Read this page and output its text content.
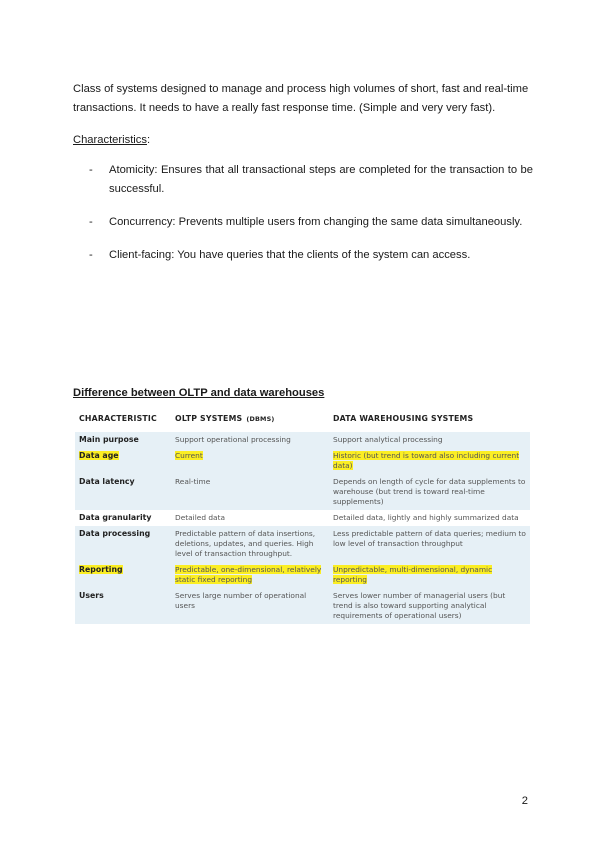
Class of systems designed to manage and process high volumes of short, fast and real-time transactions. It needs to have a really fast response time. (Simple and very very fast).

Characteristics:

- Atomicity: Ensures that all transactional steps are completed for the transaction to be successful.
- Concurrency: Prevents multiple users from changing the same data simultaneously.
- Client-facing: You have queries that the clients of the system can access.

Difference between OLTP and data warehouses

CHARACTERISTIC	OLTP SYSTEMS (DBMS)	DATA WAREHOUSING SYSTEMS
Main purpose	Support operational processing	Support analytical processing
Data age	Current	Historic (but trend is toward also including current data)
Data latency	Real-time	Depends on length of cycle for data supplements to warehouse (but trend is toward real-time supplements)
Data granularity	Detailed data	Detailed data, lightly and highly summarized data
Data processing	Predictable pattern of data insertions, deletions, updates, and queries. High level of transaction throughput.	Less predictable pattern of data queries; medium to low level of transaction throughput
Reporting	Predictable, one-dimensional, relatively static fixed reporting	Unpredictable, multi-dimensional, dynamic reporting
Users	Serves large number of operational users	Serves lower number of managerial users (but trend is also toward supporting analytical requirements of operational users)

2
